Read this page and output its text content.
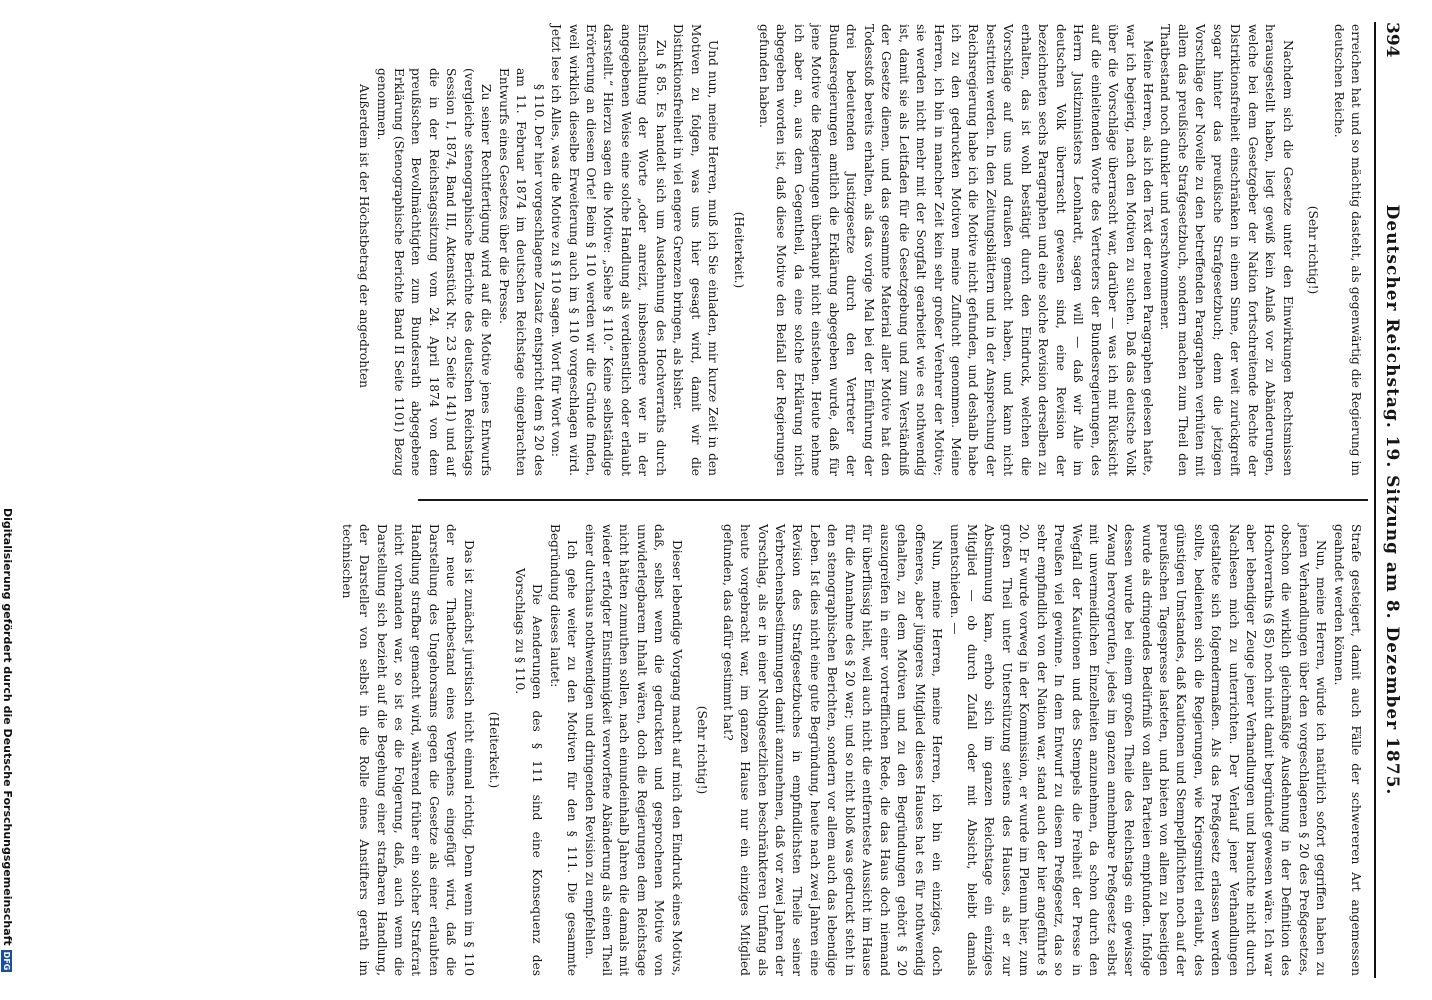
Digitalisierung gefördert durch die Deutsche ForschungsgemeinschaftDFG
394
Deutscher Reichstag. 19. Sitzung am 8. Dezember 1875.

erreichen hat und so mächtig dasteht, als gegenwärtig die Regierung im deutschen Reiche.

(Sehr richtig!)

Nachdem sich die Gesetze unter den Einwirkungen Rechtsmissen herausgestellt haben, liegt gewiß kein Anlaß vor zu Abänderungen, welche bei dem Gesetzgeber der Nation fortschreitende Rechte der Distriktionsfreiheit einschränken in einem Sinne, der weit zurückgreift sogar hinter das preußische Strafgesetzbuch; denn die jetzigen Vorschläge der Novelle zu den betreffenden Paragraphen verhüten mit allem das preußische Strafgesetzbuch, sondern machen zum Theil den Thatbestand noch dunkler und verschwommener.

Meine Herren, als ich den Text der neuen Paragraphen gelesen hatte, war ich begierig, nach den Motiven zu suchen. Daß das deutsche Volk über die Vorschläge überrascht war, darüber — was ich mit Rücksicht auf die einleitenden Worte des Vertreters der Bundesregierungen, des Herrn Justizministers Leonhardt, sagen will — daß wir Alle im deutschen Volk überrascht gewesen sind, eine Revision der bezeichneten sechs Paragraphen und eine solche Revision derselben zu erhalten, das ist wohl bestätigt durch den Eindruck, welchen die Vorschläge auf uns und draußen gemacht haben, und kann nicht bestritten werden. In den Zeitungsblättern und in der Ansprechung der Reichsregierung habe ich die Motive nicht gefunden, und deshalb habe ich zu den gedruckten Motiven meine Zuflucht genommen. Meine Herren, ich bin in mancher Zeit kein sehr großer Verehrer der Motive; sie werden nicht mehr mit der Sorgfalt gearbeitet wie es nothwendig ist, damit sie als Leitfaden für die Gesetzgebung und zum Verständniß der Gesetze dienen, und das gesammte Material aller Motive hat den Todesstoß bereits erhalten, als das vorige Mal bei der Einführung der drei bedeutenden Justizgesetze durch den Vertreter der Bundesregierungen amtlich die Erklärung abgegeben wurde, daß für jene Motive die Regierungen überhaupt nicht einstehen. Heute nehme ich aber an, aus dem Gegentheil, da eine solche Erklärung nicht abgegeben worden ist, daß diese Motive den Beifall der Regierungen gefunden haben.

(Heiterkeit.)

Und nun, meine Herren, muß ich Sie einladen, mir kurze Zeit in den Motiven zu folgen, was uns hier gesagt wird, damit wir die Distinktionsfreiheit in viel engere Grenzen bringen, als bisher.

Zu § 85. Es handelt sich um Ausdehnung des Hochverraths durch Einschaltung der Worte „oder anreizt, insbesondere wer in der angegebenen Weise eine solche Handlung als verdienstlich oder erlaubt darstellt.“ Hierzu sagen die Motive: „Siehe § 110.“ Keine selbständige Erörterung an diesem Orte! Beim § 110 werden wir die Gründe finden, weil wirklich dieselbe Erweiterung auch im § 110 vorgeschlagen wird. Jetzt lese ich Alles, was die Motive zu § 110 sagen. Wort für Wort von:

§ 110. Der hier vorgeschlagene Zusatz entspricht dem § 20 des am 11. Februar 1874 im deutschen Reichstage eingebrachten Entwurfs eines Gesetzes über die Presse.

Zu seiner Rechtfertigung wird auf die Motive jenes Entwurfs (vergleiche stenographische Berichte des deutschen Reichstags Session I, 1874, Band III, Aktenstück Nr. 23 Seite 141) und auf die in der Reichstagssitzung vom 24. April 1874 von dem preußischen Bevollmächtigten zum Bundesrath abgegebene Erklärung (Stenographische Berichte Band II Seite 1101) Bezug genommen.

Außerdem ist der Höchstbetrag der angedrohten

Strafe gesteigert, damit auch Fälle der schwereren Art angemessen geahndet werden können.

Nun, meine Herren, würde ich natürlich sofort gegriffen haben zu jenen Verhandlungen über den vorgeschlagenen § 20 des Preßgesetzes, obschon die wirklich gleichmäßige Ausdehnung in der Definition des Hochverraths (§ 85) noch nicht damit begründet gewesen wäre. Ich war aber lebendiger Zeuge jener Verhandlungen und brauchte nicht durch Nachlesen mich zu unterrichten. Der Verlauf jener Verhandlungen gestaltete sich folgendermaßen. Als das Preßgesetz erlassen werden sollte, bedienten sich die Regierungen, wie Kriegsmittel erlaubt, des günstigen Umstandes, daß Kautionen und Stempelpflichten noch auf der preußischen Tagespresse lasteten, und bieten von allem zu beseitigen wurde als dringendes Bedürfniß von allen Parteien empfunden. Infolge dessen wurde bei einem großen Theile des Reichstags ein gewisser Zwang hervorgerufen, jedes im ganzen annehmbare Preßgesetz selbst mit unvermeidlichen Einzelheiten anzunehmen, da schon durch den Wegfall der Kautionen und des Stempels die Freiheit der Presse in Preußen viel gewinne. In dem Entwurf zu diesem Preßgesetz, das so sehr empfindlich von der Nation war, stand auch der hier angeführte § 20. Er wurde vorweg in der Kommission, er wurde im Plenum hier, zum großen Theil unter Unterstützung seitens des Hauses, als er zur Abstimmung kam, erhob sich im ganzen Reichstage ein einziges Mitglied — ob durch Zufall oder mit Absicht, bleibt damals unentschieden. —

Nun, meine Herren, meine Herren, ich bin ein einziges, doch offeneres, aber jüngeres Mitglied dieses Hauses hat es für nothwendig gehalten, zu dem Motiven und zu den Begründungen gehört § 20 auszugreifen in einer vortrefflichen Rede, die das Haus doch niemand für überflüssig hielt, weil auch nicht die entfernteste Aussicht im Hause für die Annahme des § 20 war; und so nicht bloß was gedruckt steht in den stenographischen Berichten, sondern vor allem auch das lebendige Leben. Ist dies nicht eine gute Begründung, heute nach zwei Jahren eine Revision des Strafgesetzbuches in empfindlichsten Theile seiner Verbrechensbestimmungen damit anzunehmen, daß vor zwei Jahren der Vorschlag, als er in einer Nothgesetzlichen beschränkteren Umfang als heute vorgebracht war, im ganzen Hause nur ein einziges Mitglied gefunden, das dafür gestimmt hat?

(Sehr richtig!)

Dieser lebendige Vorgang macht auf mich den Eindruck eines Motivs, daß, selbst wenn die gedruckten und gesprochenen Motive von unwiderlegbarem Inhalt wären, doch die Regierungen dem Reichstage nicht hätten zumuthen sollen, nach einundeinhalb Jahren die damals mit wieder erfolgter Einstimmigkeit verworfene Abänderung als einen Theil einer durchaus nothwendigen und dringenden Revision zu empfehlen.

Ich gehe weiter zu den Motiven für den § 111. Die gesammte Begründung dieses lautet:

Die Aenderungen des § 111 sind eine Konsequenz des Vorschlags zu § 110.

(Heiterkeit.)

Das ist zunächst juristisch nicht einmal richtig. Denn wenn im § 110 der neue Thatbestand eines Vergehens eingefügt wird, daß die Darstellung des Ungehorsams gegen die Gesetze als einer erlaubten Handlung strafbar gemacht wird, während früher ein solcher Strafcrat nicht vorhanden war, so ist es die Folgerung, daß, auch wenn die Darstellung sich bezieht auf die Begehung einer strafbaren Handlung, der Darsteller von selbst in die Rolle eines Anstifters gerath im technischen
